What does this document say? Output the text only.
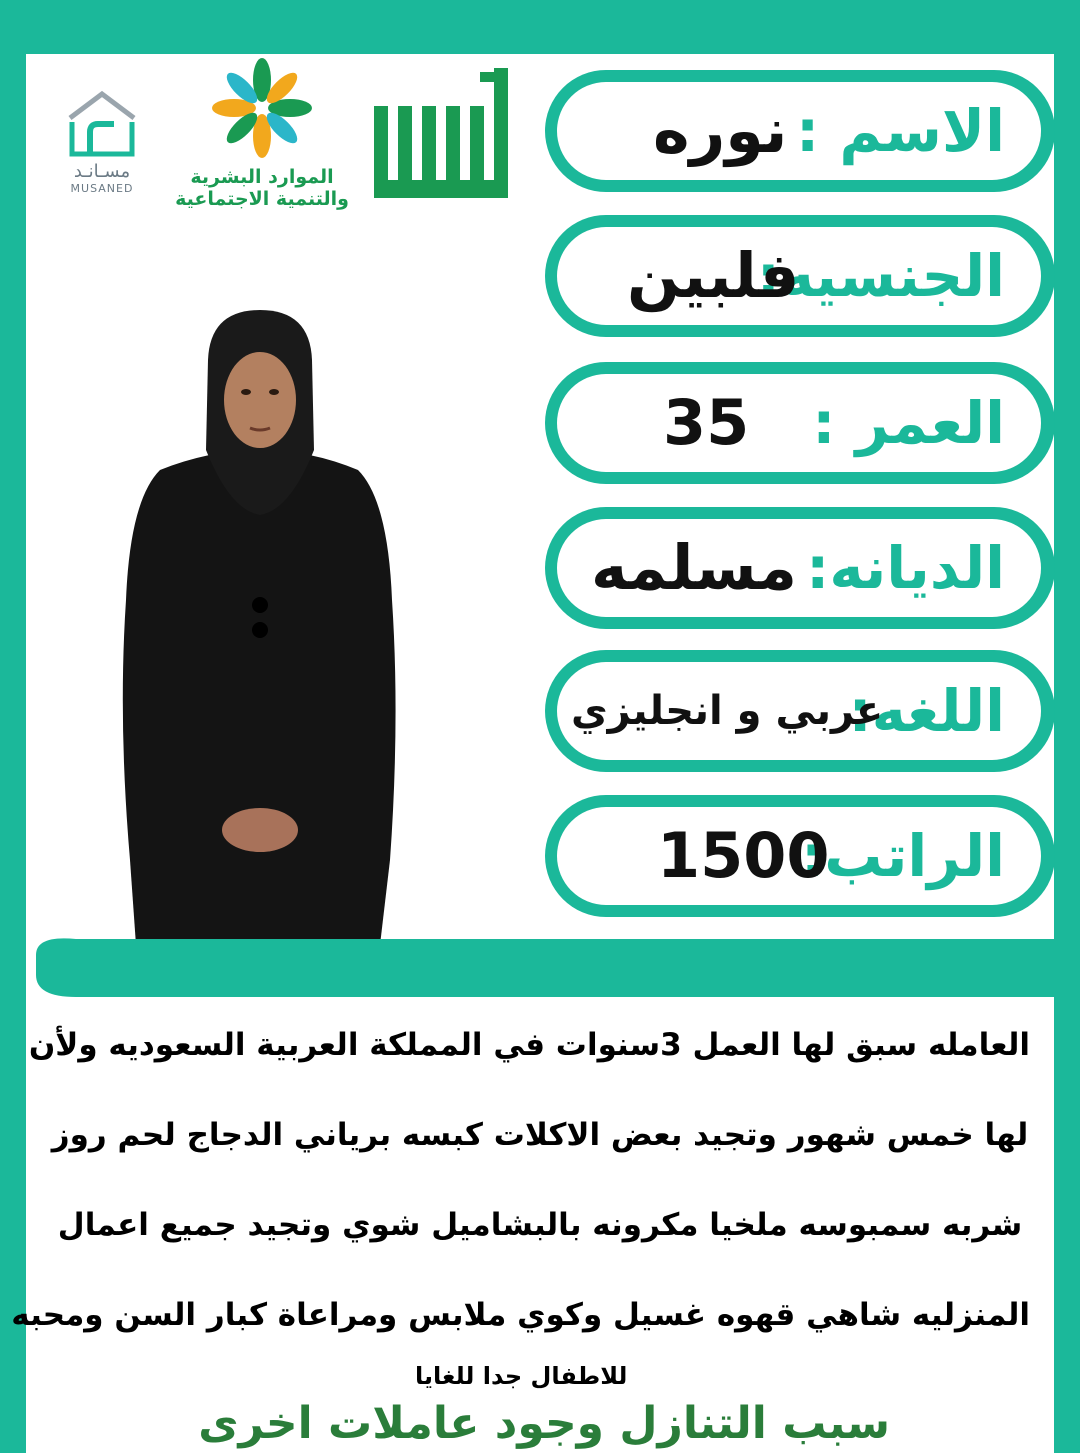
مسـانـد
MUSANED
الموارد البشرية
والتنمية الاجتماعية
الاسم :
نوره
الجنسيه:
فلبين
العمر :
35
الديانه:
مسلمه
اللغه:
عربي و انجليزي
الراتب:
1500
العامله سبق لها العمل 3سنوات في المملكة العربية السعوديه ولأن
لها خمس شهور وتجيد بعض الاكلات كبسه برياني الدجاج لحم روز
شربه سمبوسه ملخيا مكرونه بالبشاميل شوي وتجيد جميع اعمال
المنزليه شاهي قهوه غسيل وكوي ملابس ومراعاة كبار السن ومحبه
للاطفال جدا للغايا
سبب التنازل وجود عاملات اخرى
حراج1
